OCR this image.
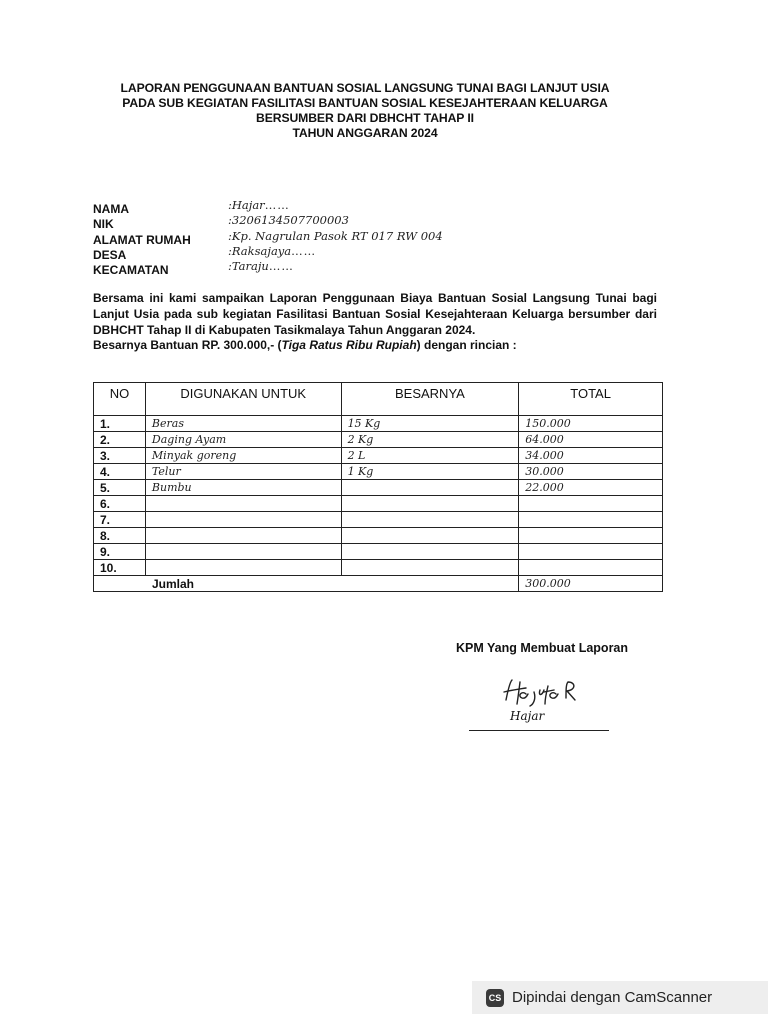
LAPORAN PENGGUNAAN BANTUAN SOSIAL LANGSUNG TUNAI BAGI LANJUT USIA
PADA SUB KEGIATAN FASILITASI BANTUAN SOSIAL KESEJAHTERAAN KELUARGA
BERSUMBER DARI DBHCHT TAHAP II
TAHUN ANGGARAN 2024
NAMA	:Hajar……
NIK	:3206134507700003
ALAMAT RUMAH	:Kp. Nagrulan Pasok RT 017 RW 004
DESA	:Raksajaya……
KECAMATAN	:Taraju……

Bersama ini kami sampaikan Laporan Penggunaan Biaya Bantuan Sosial Langsung Tunai bagi Lanjut Usia pada sub kegiatan Fasilitasi Bantuan Sosial Kesejahteraan Keluarga bersumber dari DBHCHT Tahap II di Kabupaten Tasikmalaya Tahun Anggaran 2024.

Besarnya Bantuan RP. 300.000,- (Tiga Ratus Ribu Rupiah) dengan rincian :

NO	DIGUNAKAN UNTUK	BESARNYA	TOTAL
1.	Beras	15 Kg	150.000
2.	Daging Ayam	2 Kg	64.000
3.	Minyak goreng	2 L	34.000
4.	Telur	1 Kg	30.000
5.	Bumbu		22.000
6.			
7.			
8.			
9.			
10.			
Jumlah			300.000
KPM Yang Membuat Laporan
Hajar
CS Dipindai dengan CamScanner
